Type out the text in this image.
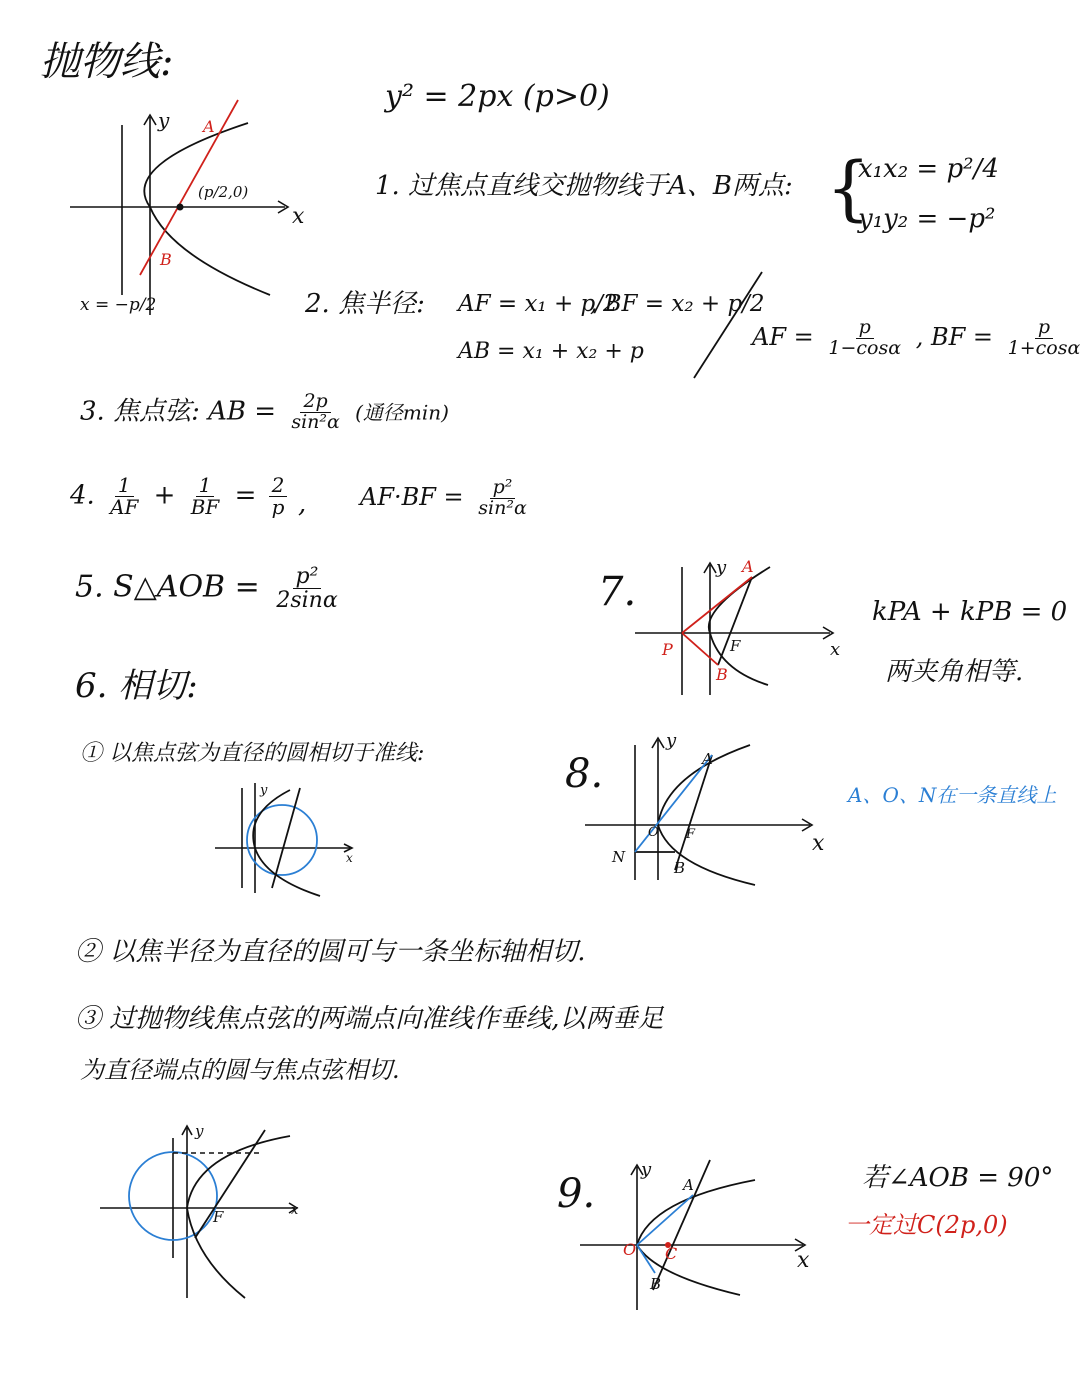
抛物线:
y² = 2px (p>0)
A
B
(p/2,0)
x
y
x = −p/2
1. 过焦点直线交抛物线于A、B两点: {
x₁x₂ = p²/4
y₁y₂ = −p²
2. 焦半径: AF = x₁ + p/2
, BF = x₂ + p/2
AB = x₁ + x₂ + p
AF = $\frac{p}{1-\cos\alpha}$ , BF = $\frac{p}{1+\cos\alpha}$
3. 焦点弦: AB = $\frac{2p}{\text{sin²α}}$ (通径min)
4. $\frac{1}{AF} + \frac{1}{BF} = \frac{2}{p}$ , $AF\cdot BF = \frac{\text{p²}}{\text{sin²α}}$
5. S△AOB = $\frac{\text{p²}}{2\sin\alpha}$	7.
A
B
P	F	x
y
kPA + kPB = 0
两夹角相等.
6. 相切:
① 以焦点弦为直径的圆相切于准线:
x
y	8.	A
B
N
O F	x
y
A、O、N在一条直线上
② 以焦半径为直径的圆可与一条坐标轴相切.
③ 过抛物线焦点弦的两端点向准线作垂线,以两垂足
为直径端点的圆与焦点弦相切.
F	x
y
9.	A
B
O C	x
y	若∠AOB = 90°
一定过C(2p,0)
